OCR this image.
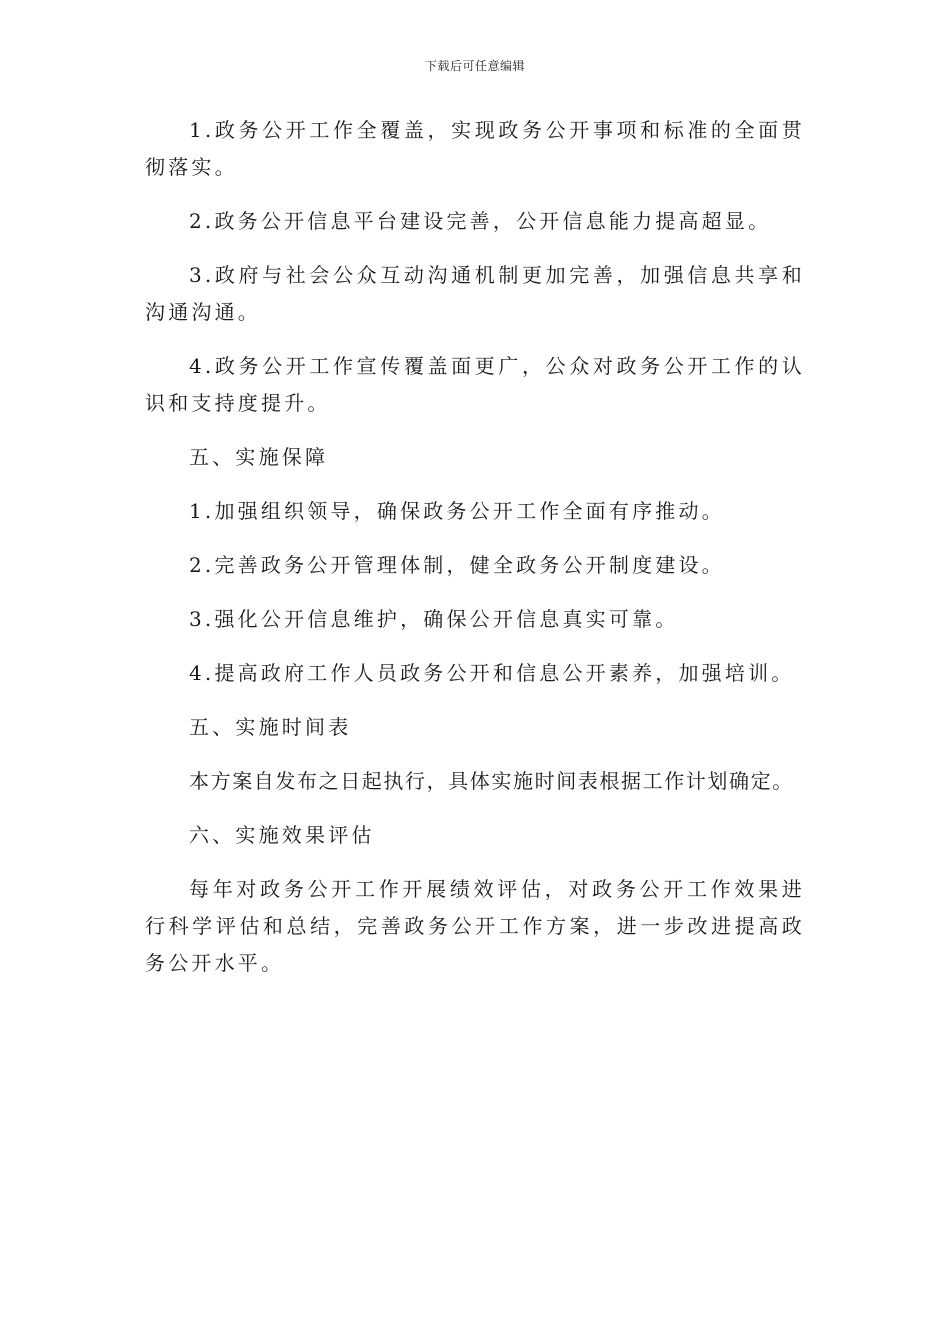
下载后可任意编辑

1.政务公开工作全覆盖，实现政务公开事项和标准的全面贯彻落实。

2.政务公开信息平台建设完善，公开信息能力提高超显。

3.政府与社会公众互动沟通机制更加完善，加强信息共享和沟通沟通。

4.政务公开工作宣传覆盖面更广，公众对政务公开工作的认识和支持度提升。

五、实施保障

1.加强组织领导，确保政务公开工作全面有序推动。

2.完善政务公开管理体制，健全政务公开制度建设。

3.强化公开信息维护，确保公开信息真实可靠。

4.提高政府工作人员政务公开和信息公开素养，加强培训。

五、实施时间表

本方案自发布之日起执行，具体实施时间表根据工作计划确定。

六、实施效果评估

每年对政务公开工作开展绩效评估，对政务公开工作效果进行科学评估和总结，完善政务公开工作方案，进一步改进提高政务公开水平。
